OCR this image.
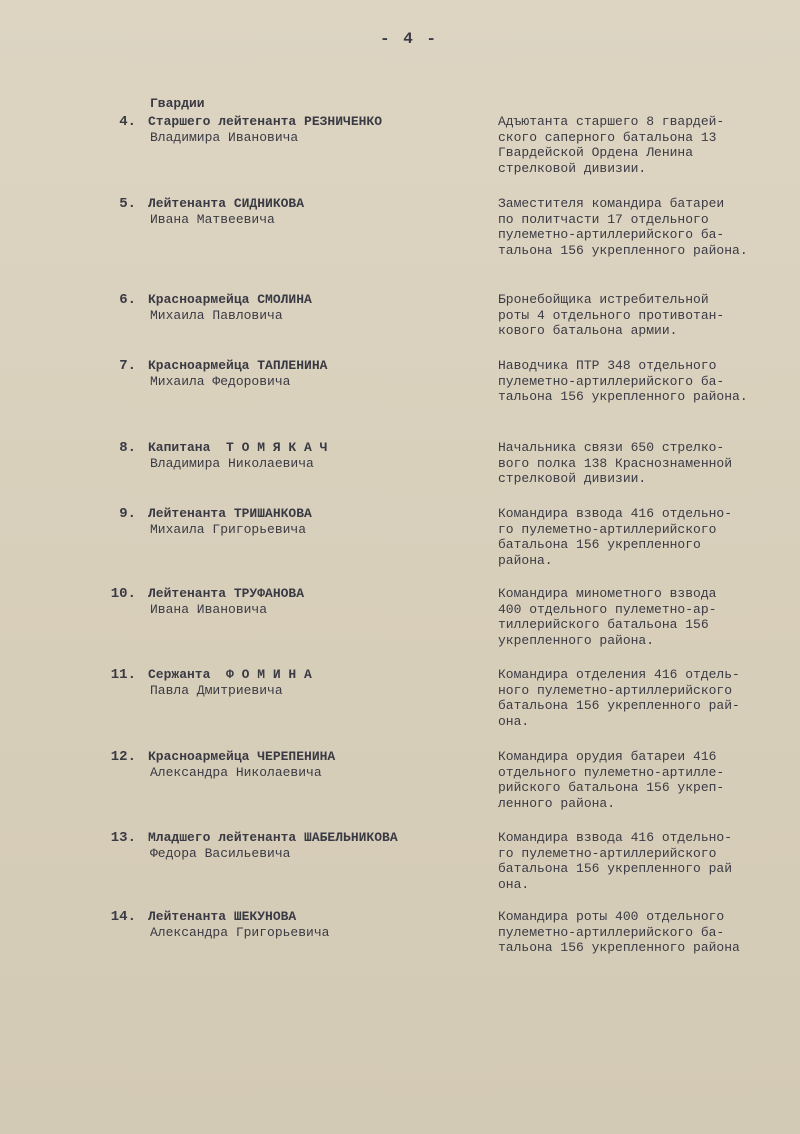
- 4 -
Гвардии
4. Старшего лейтенанта РЕЗНИЧЕНКО
Владимира Ивановича
Адъютанта старшего 8 гвардей-
ского саперного батальона 13
Гвардейской Ордена Ленина
стрелковой дивизии.
5. Лейтенанта СИДНИКОВА
Ивана Матвеевича
Заместителя командира батареи
по политчасти 17 отдельного
пулеметно-артиллерийского ба-
тальона 156 укрепленного района.
6. Красноармейца СМОЛИНА
Михаила Павловича
Бронебойщика истребительной
роты 4 отдельного противотан-
кового батальона армии.
7. Красноармейца ТАПЛЕНИНА
Михаила Федоровича
Наводчика ПТР 348 отдельного
пулеметно-артиллерийского ба-
тальона 156 укрепленного района.
8. Капитана  Т О М Я К А Ч
Владимира Николаевича
Начальника связи 650 стрелко-
вого полка 138 Краснознаменной
стрелковой дивизии.
9. Лейтенанта ТРИШАНКОВА
Михаила Григорьевича
Командира взвода 416 отдельно-
го пулеметно-артиллерийского
батальона 156 укрепленного
района.
10. Лейтенанта ТРУФАНОВА
Ивана Ивановича
Командира минометного взвода
400 отдельного пулеметно-ар-
тиллерийского батальона 156
укрепленного района.
11. Сержанта  Ф О М И Н А
Павла Дмитриевича
Командира отделения 416 отдель-
ного пулеметно-артиллерийского
батальона 156 укрепленного рай-
она.
12. Красноармейца ЧЕРЕПЕНИНА
Александра Николаевича
Командира орудия батареи 416
отдельного пулеметно-артилле-
рийского батальона 156 укреп-
ленного района.
13. Младшего лейтенанта ШАБЕЛЬНИКОВА
Федора Васильевича
Командира взвода 416 отдельно-
го пулеметно-артиллерийского
батальона 156 укрепленного рай
она.
14. Лейтенанта ШЕКУНОВА
Александра Григорьевича
Командира роты 400 отдельного
пулеметно-артиллерийского ба-
тальона 156 укрепленного района
